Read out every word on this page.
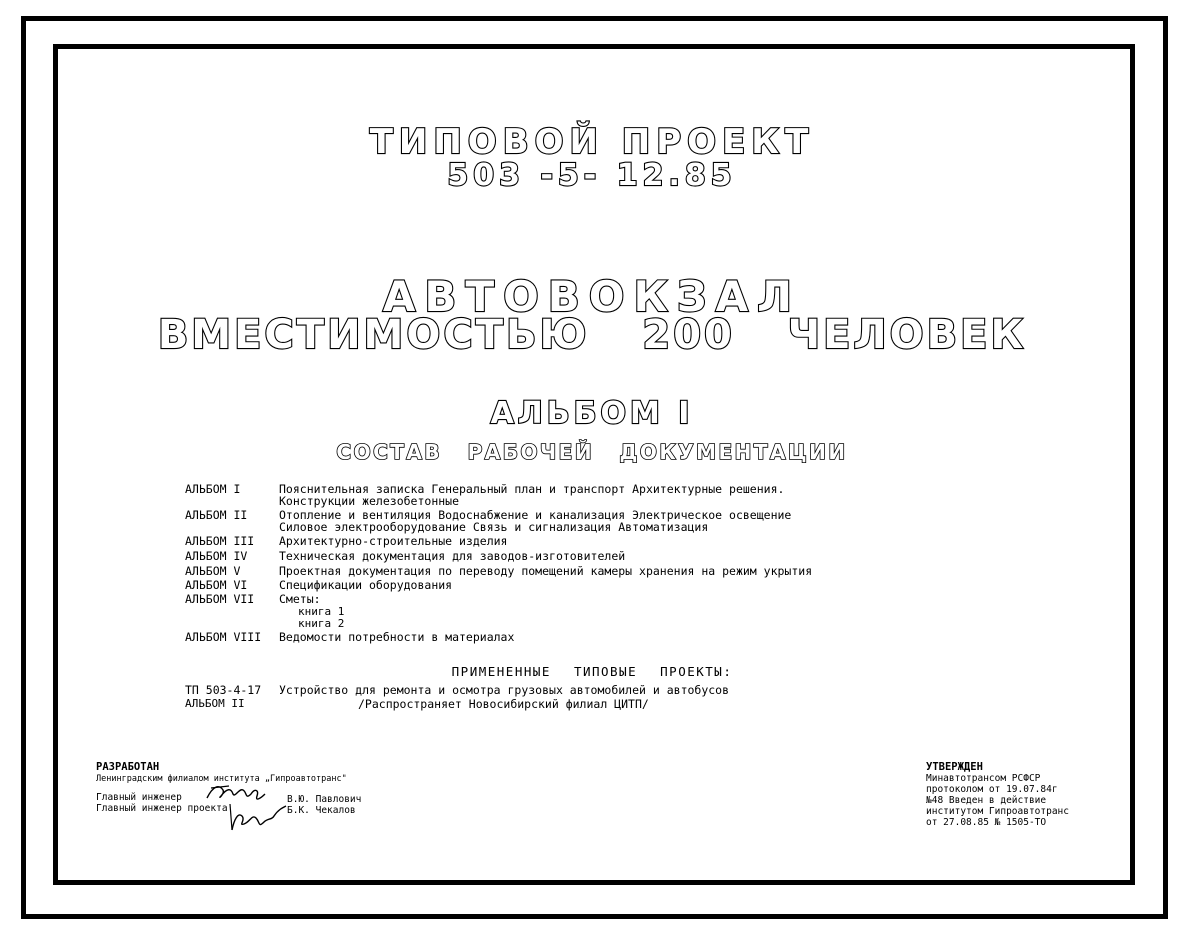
ТИПОВОЙ ПРОЕКТ
503 -5- 12.85
АВТОВОКЗАЛ
ВМЕСТИМОСТЬЮ 200 ЧЕЛОВЕК
АЛЬБОМ I
СОСТАВ РАБОЧЕЙ ДОКУМЕНТАЦИИ
АЛЬБОМ I	Пояснительная записка Генеральный план и транспорт Архитектурные решения.
Конструкции железобетонные
АЛЬБОМ II	Отопление и вентиляция Водоснабжение и канализация Электрическое освещение
Силовое электрооборудование Связь и сигнализация Автоматизация
АЛЬБОМ III	Архитектурно-строительные изделия
АЛЬБОМ IV	Техническая документация для заводов-изготовителей
АЛЬБОМ V	Проектная документация по переводу помещений камеры хранения на режим укрытия
АЛЬБОМ VI	Спецификации оборудования
АЛЬБОМ VII	Сметы:
книга 1
книга 2
АЛЬБОМ VIII	Ведомости потребности в материалах
ПРИМЕНЕННЫЕ ТИПОВЫЕ ПРОЕКТЫ:
ТП 503-4-17 Устройство для ремонта и осмотра грузовых автомобилей и автобусов
АЛЬБОМ II	/Распространяет Новосибирский филиал ЦИТП/
РАЗРАБОТАН
Ленинградским филиалом института „Гипроавтотранс"
Главный инженер
Главный инженер проекта
В.Ю. Павлович
Б.К. Чекалов
УТВЕРЖДЕН
Минавтотрансом РСФСР
протоколом от 19.07.84г
№48 Введен в действие
институтом Гипроавтотранс
от 27.08.85 № 1505-ТО
